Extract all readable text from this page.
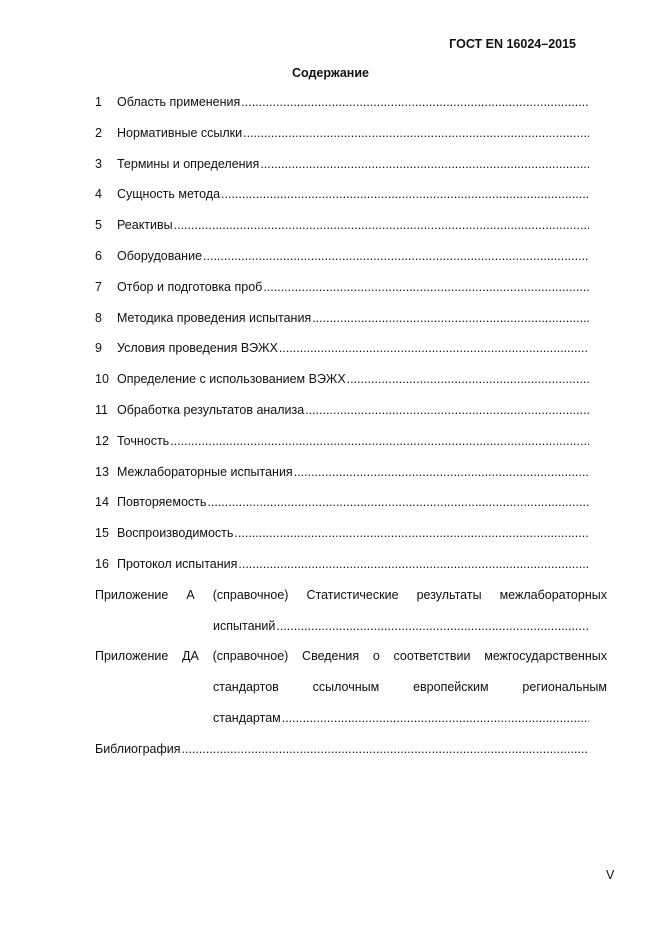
ГОСТ EN 16024–2015
Содержание
1	Область применения
.....
2	Нормативные ссылки
.....
3	Термины и определения
.....
4	Сущность метода
.....
5	Реактивы
.....
6	Оборудование
.....
7	Отбор и подготовка проб
.....
8	Методика проведения испытания
.....
9	Условия проведения ВЭЖХ
.....
10 Определение с использованием ВЭЖХ
.....
11 Обработка результатов анализа
.....
12 Точность
.....
13 Межлабораторные испытания
.....
14 Повторяемость
.....
15 Воспроизводимость
.....
16 Протокол испытания
.....
Приложение А (справочное) Статистические результаты межлабораторных
испытаний
.....
Приложение ДА (справочное) Сведения о соответствии межгосударственных
стандартов	ссылочным	европейским	региональным
стандартам
.....
Библиография
.....
V
